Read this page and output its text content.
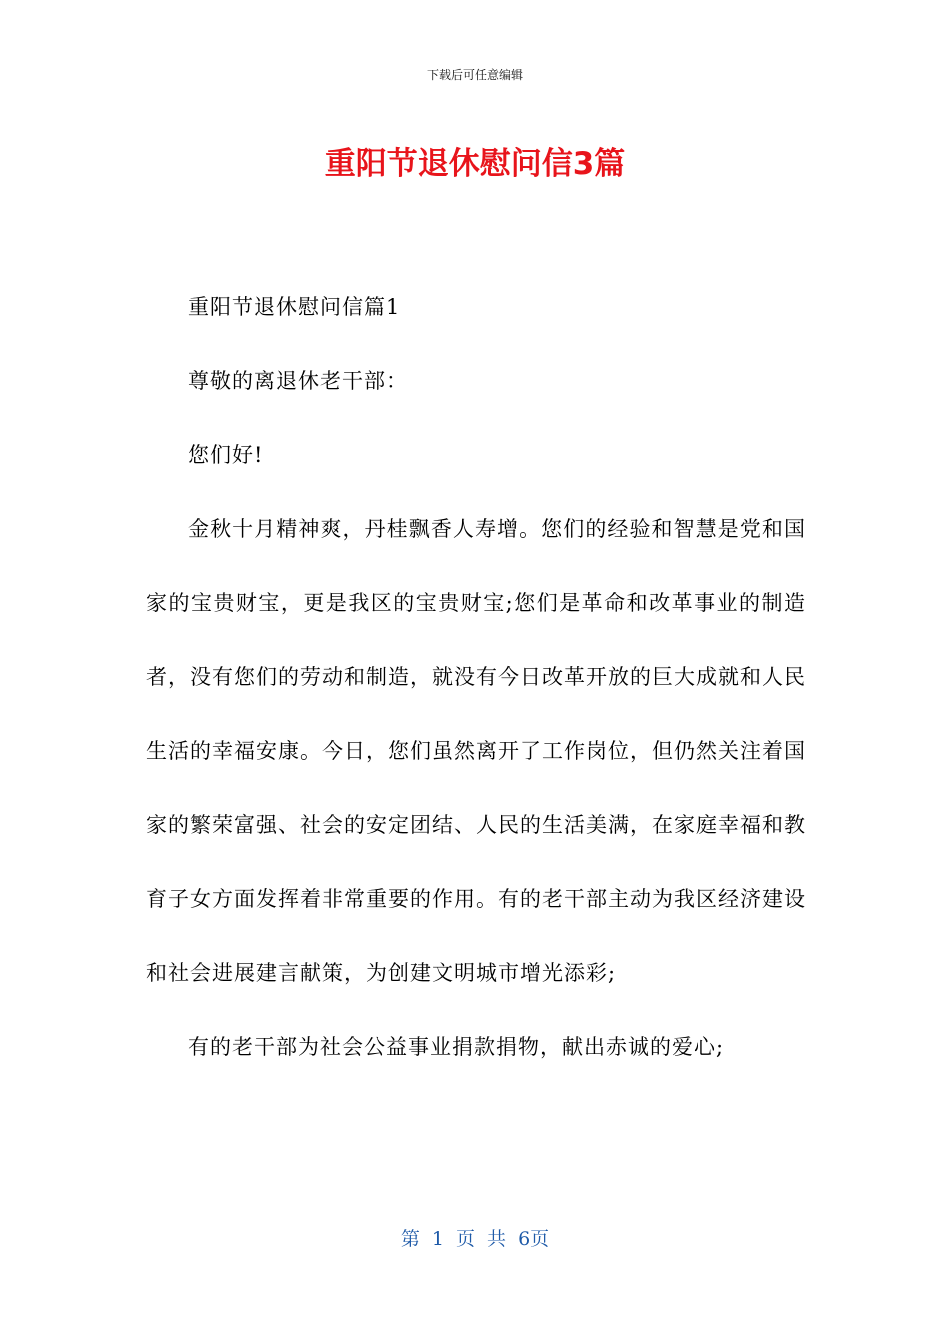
下载后可任意编辑
重阳节退休慰问信3篇

重阳节退休慰问信篇1

尊敬的离退休老干部：

您们好!

金秋十月精神爽，丹桂飘香人寿增。您们的经验和智慧是党和国家的宝贵财宝，更是我区的宝贵财宝;您们是革命和改革事业的制造者，没有您们的劳动和制造，就没有今日改革开放的巨大成就和人民生活的幸福安康。今日，您们虽然离开了工作岗位，但仍然关注着国家的繁荣富强、社会的安定团结、人民的生活美满，在家庭幸福和教育子女方面发挥着非常重要的作用。有的老干部主动为我区经济建设和社会进展建言献策，为创建文明城市增光添彩;

有的老干部为社会公益事业捐款捐物，献出赤诚的爱心;

第 1 页 共 6页
